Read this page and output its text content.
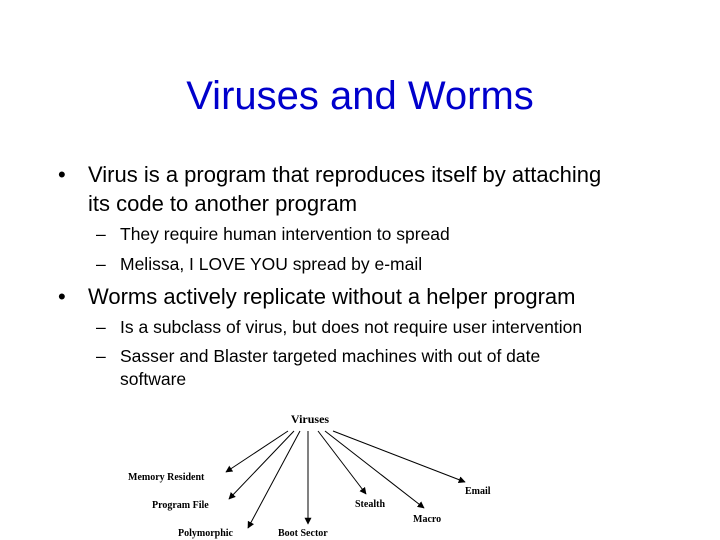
Viruses and Worms
•	Virus is a program that reproduces itself by attaching
its code to another program
– They require human intervention to spread
– Melissa, I LOVE YOU spread by e-mail
•	Worms actively replicate without a helper program
– Is a subclass of virus, but does not require user intervention
– Sasser and Blaster targeted machines with out of date
software
Viruses
Memory Resident
Program File
Polymorphic	Boot Sector
Stealth
Macro
Email
